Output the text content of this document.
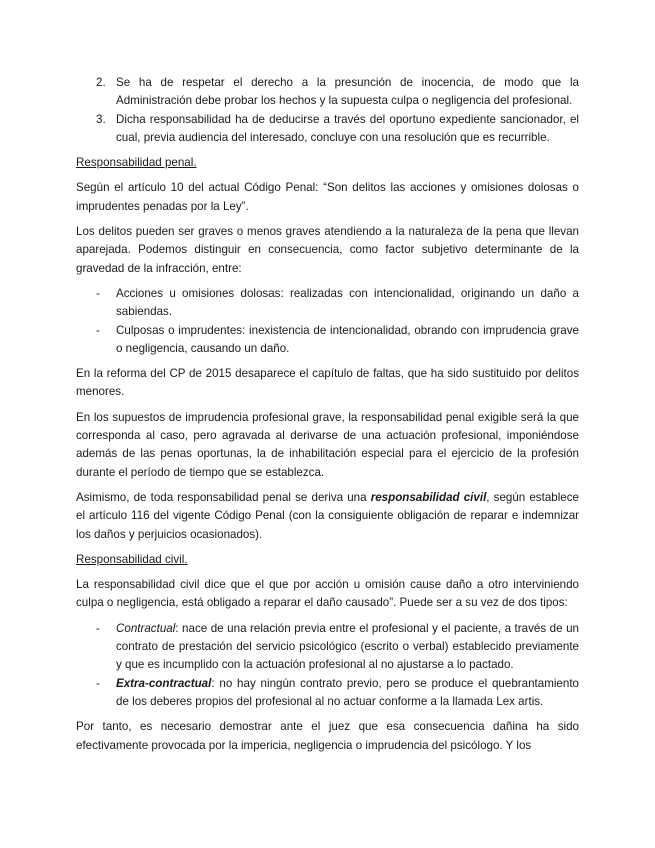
2. Se ha de respetar el derecho a la presunción de inocencia, de modo que la Administración debe probar los hechos y la supuesta culpa o negligencia del profesional.
3. Dicha responsabilidad ha de deducirse a través del oportuno expediente sancionador, el cual, previa audiencia del interesado, concluye con una resolución que es recurrible.

Responsabilidad penal.

Según el artículo 10 del actual Código Penal: “Son delitos las acciones y omisiones dolosas o imprudentes penadas por la Ley”.

Los delitos pueden ser graves o menos graves atendiendo a la naturaleza de la pena que llevan aparejada. Podemos distinguir en consecuencia, como factor subjetivo determinante de la gravedad de la infracción, entre:

- Acciones u omisiones dolosas: realizadas con intencionalidad, originando un daño a sabiendas.
- Culposas o imprudentes: inexistencia de intencionalidad, obrando con imprudencia grave o negligencia, causando un daño.

En la reforma del CP de 2015 desaparece el capítulo de faltas, que ha sido sustituido por delitos menores.

En los supuestos de imprudencia profesional grave, la responsabilidad penal exigible será la que corresponda al caso, pero agravada al derivarse de una actuación profesional, imponiéndose además de las penas oportunas, la de inhabilitación especial para el ejercicio de la profesión durante el período de tiempo que se establezca.

Asimismo, de toda responsabilidad penal se deriva una responsabilidad civil, según establece el artículo 116 del vigente Código Penal (con la consiguiente obligación de reparar e indemnizar los daños y perjuicios ocasionados).

Responsabilidad civil.

La responsabilidad civil dice que el que por acción u omisión cause daño a otro interviniendo culpa o negligencia, está obligado a reparar el daño causado”. Puede ser a su vez de dos tipos:

- Contractual: nace de una relación previa entre el profesional y el paciente, a través de un contrato de prestación del servicio psicológico (escrito o verbal) establecido previamente y que es incumplido con la actuación profesional al no ajustarse a lo pactado.
- Extra-contractual: no hay ningún contrato previo, pero se produce el quebrantamiento de los deberes propios del profesional al no actuar conforme a la llamada Lex artis.

Por tanto, es necesario demostrar ante el juez que esa consecuencia dañina ha sido efectivamente provocada por la impericia, negligencia o imprudencia del psicólogo. Y los
